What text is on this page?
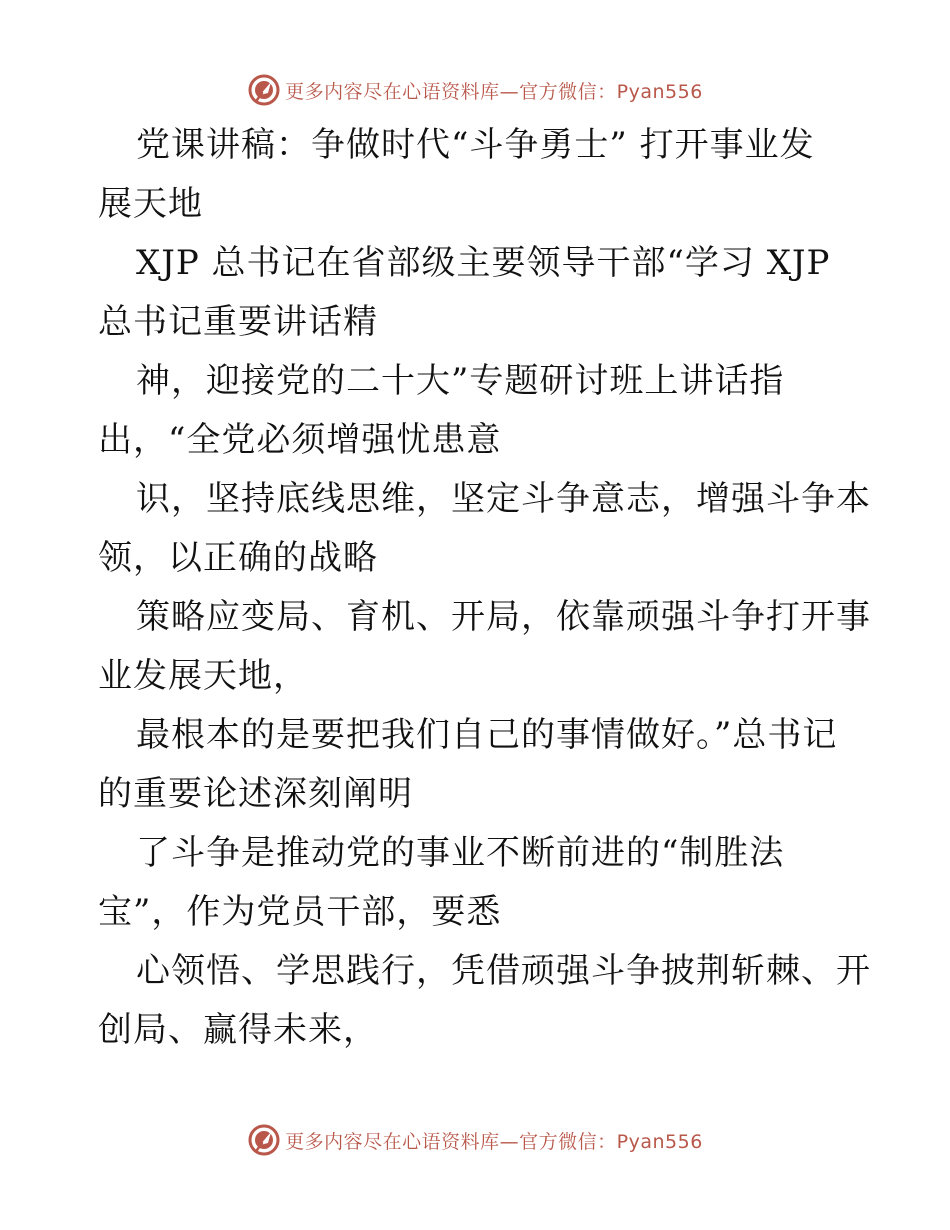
更多内容尽在心语资料库—官方微信：Pyan556
党课讲稿：争做时代“斗争勇士” 打开事业发
展天地
XJP 总书记在省部级主要领导干部“学习 XJP
总书记重要讲话精
神，迎接党的二十大”专题研讨班上讲话指
出，“全党必须增强忧患意
识，坚持底线思维，坚定斗争意志，增强斗争本
领，以正确的战略
策略应变局、育机、开局，依靠顽强斗争打开事
业发展天地，
最根本的是要把我们自己的事情做好。”总书记
的重要论述深刻阐明
了斗争是推动党的事业不断前进的“制胜法
宝”，作为党员干部，要悉
心领悟、学思践行，凭借顽强斗争披荆斩棘、开
创局、赢得未来，
更多内容尽在心语资料库—官方微信：Pyan556
